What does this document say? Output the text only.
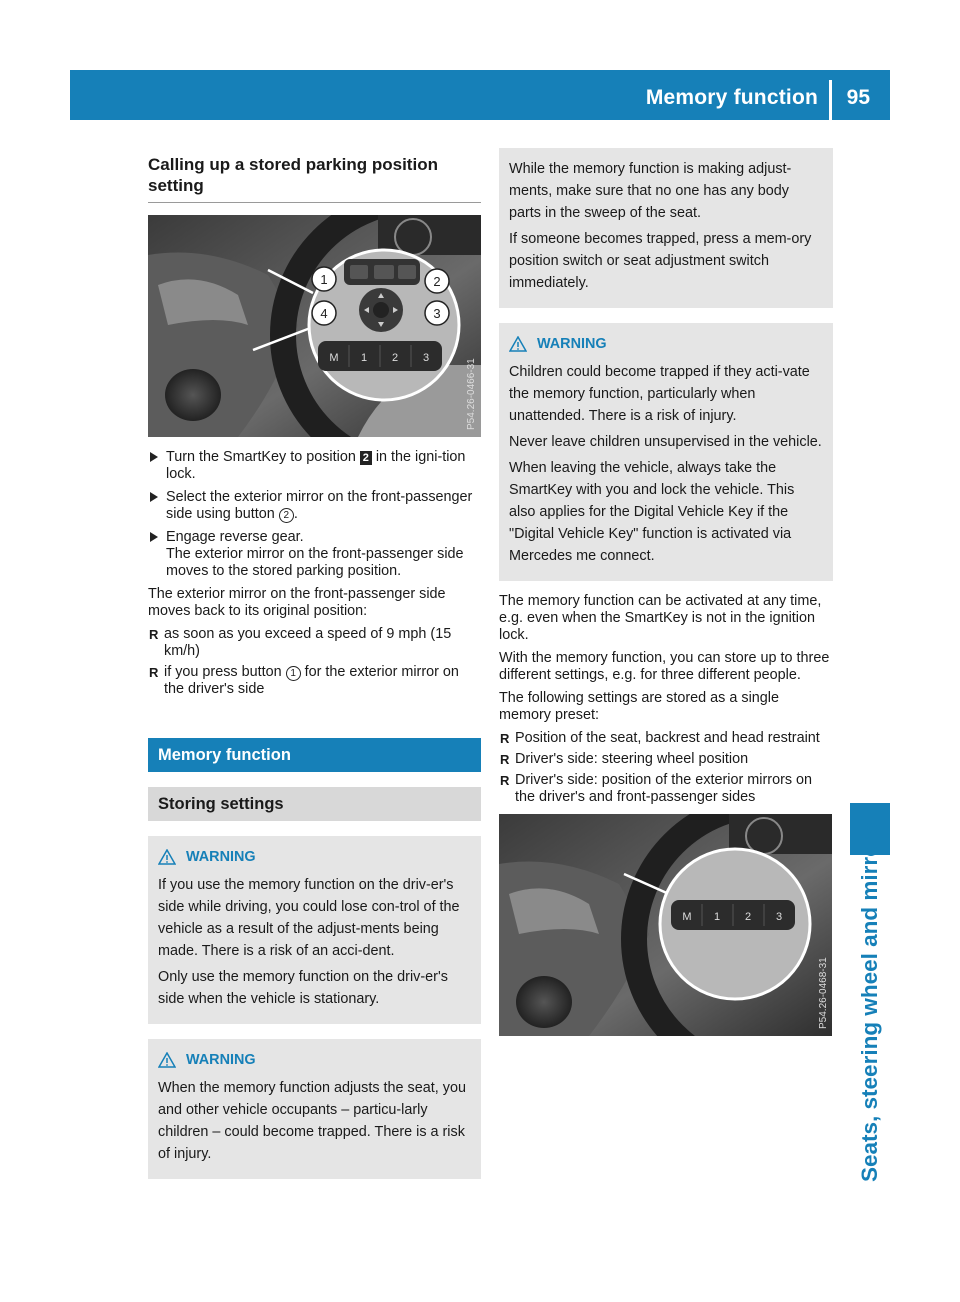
Memory function 95
Seats, steering wheel and mirrors
Calling up a stored parking position setting
M 1 2 3
1	2
3
4
P54.26-0466-31
Turn the SmartKey to position 2 in the igni-tion lock.
Select the exterior mirror on the front-passenger side using button 2 .
Engage reverse gear.
The exterior mirror on the front-passenger side moves to the stored parking position.

The exterior mirror on the front-passenger side moves back to its original position:

R as soon as you exceed a speed of 9 mph (15 km/h)
R if you press button 1 for the exterior mirror on the driver's side
Memory function
Storing settings
WARNING

If you use the memory function on the driv-er's side while driving, you could lose con-trol of the vehicle as a result of the adjust-ments being made. There is a risk of an acci-dent.

Only use the memory function on the driv-er's side when the vehicle is stationary.

WARNING

When the memory function adjusts the seat, you and other vehicle occupants – particu-larly children – could become trapped. There is a risk of injury.

While the memory function is making adjust-ments, make sure that no one has any body parts in the sweep of the seat.

If someone becomes trapped, press a mem-ory position switch or seat adjustment switch immediately.

WARNING

Children could become trapped if they acti-vate the memory function, particularly when unattended. There is a risk of injury.

Never leave children unsupervised in the vehicle.

When leaving the vehicle, always take the SmartKey with you and lock the vehicle. This also applies for the Digital Vehicle Key if the "Digital Vehicle Key" function is activated via Mercedes me connect.

The memory function can be activated at any time, e.g. even when the SmartKey is not in the ignition lock.

With the memory function, you can store up to three different settings, e.g. for three different people.

The following settings are stored as a single memory preset:

R Position of the seat, backrest and head restraint
R Driver's side: steering wheel position
R Driver's side: position of the exterior mirrors on the driver's and front-passenger sides
M 1 2 3
P54.26-0468-31
